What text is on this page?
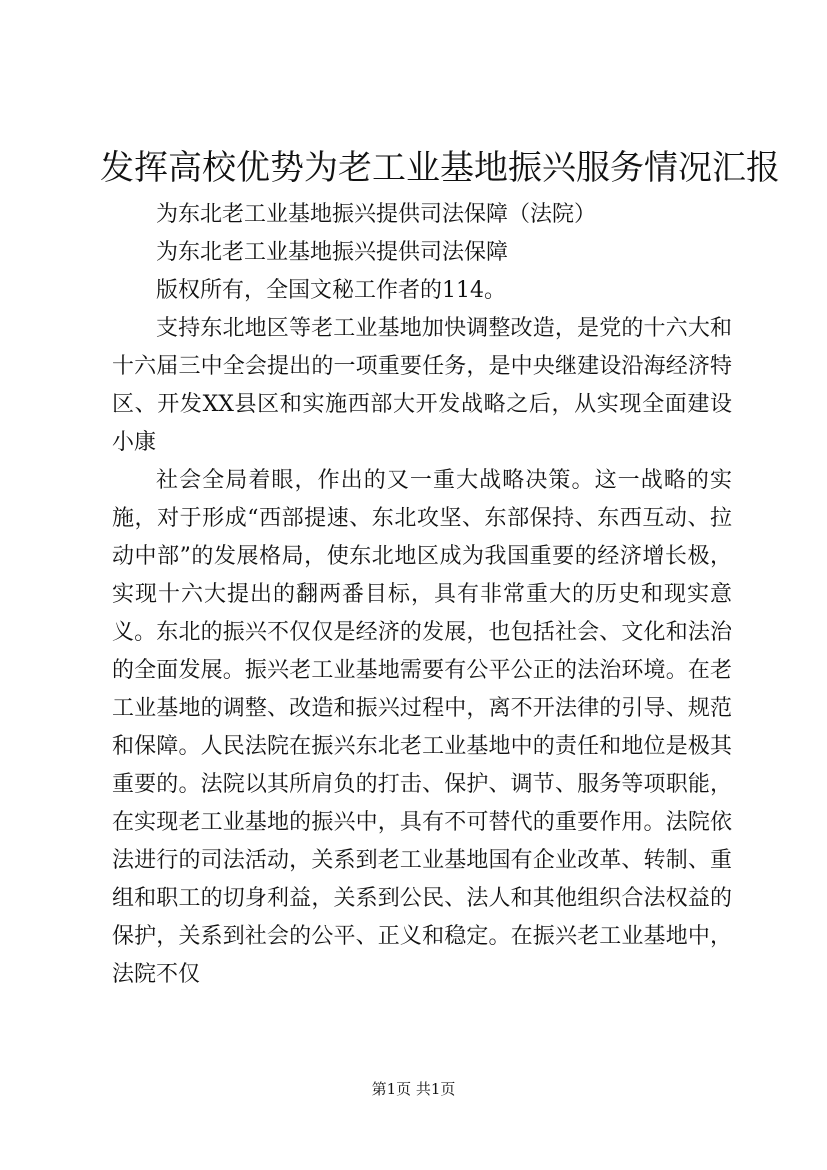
发挥高校优势为老工业基地振兴服务情况汇报

为东北老工业基地振兴提供司法保障（法院）

为东北老工业基地振兴提供司法保障

版权所有，全国文秘工作者的114。

支持东北地区等老工业基地加快调整改造，是党的十六大和十六届三中全会提出的一项重要任务，是中央继建设沿海经济特区、开发XX县区和实施西部大开发战略之后，从实现全面建设小康

社会全局着眼，作出的又一重大战略决策。这一战略的实施，对于形成“西部提速、东北攻坚、东部保持、东西互动、拉动中部”的发展格局，使东北地区成为我国重要的经济增长极，实现十六大提出的翻两番目标，具有非常重大的历史和现实意义。东北的振兴不仅仅是经济的发展，也包括社会、文化和法治的全面发展。振兴老工业基地需要有公平公正的法治环境。在老工业基地的调整、改造和振兴过程中，离不开法律的引导、规范和保障。人民法院在振兴东北老工业基地中的责任和地位是极其重要的。法院以其所肩负的打击、保护、调节、服务等项职能，在实现老工业基地的振兴中，具有不可替代的重要作用。法院依法进行的司法活动，关系到老工业基地国有企业改革、转制、重组和职工的切身利益，关系到公民、法人和其他组织合法权益的保护，关系到社会的公平、正义和稳定。在振兴老工业基地中，法院不仅

第1页 共1页
